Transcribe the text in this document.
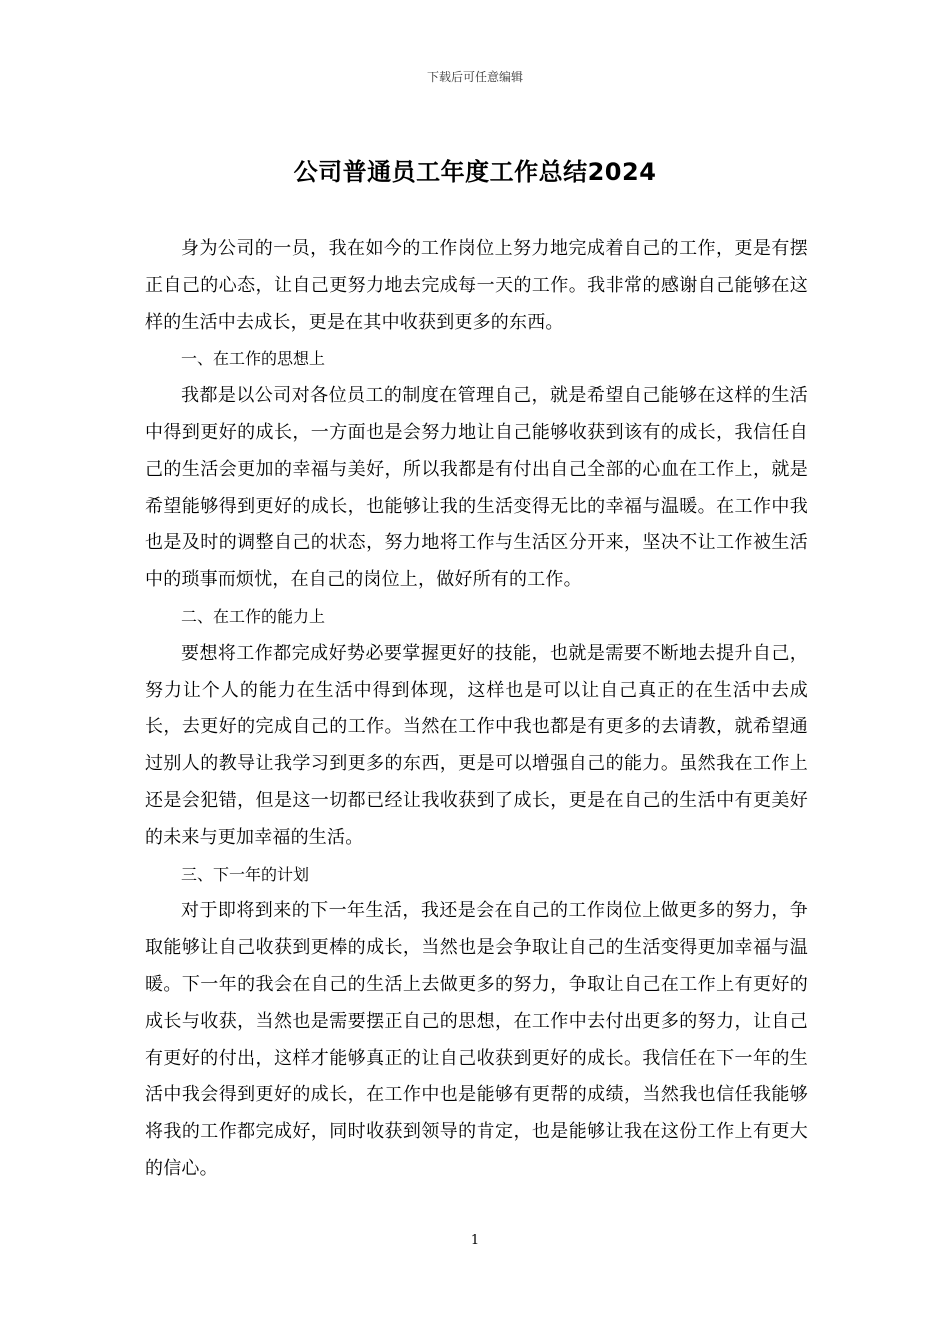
下载后可任意编辑
公司普通员工年度工作总结2024

身为公司的一员，我在如今的工作岗位上努力地完成着自己的工作，更是有摆正自己的心态，让自己更努力地去完成每一天的工作。我非常的感谢自己能够在这样的生活中去成长，更是在其中收获到更多的东西。

一、在工作的思想上

我都是以公司对各位员工的制度在管理自己，就是希望自己能够在这样的生活中得到更好的成长，一方面也是会努力地让自己能够收获到该有的成长，我信任自己的生活会更加的幸福与美好，所以我都是有付出自己全部的心血在工作上，就是希望能够得到更好的成长，也能够让我的生活变得无比的幸福与温暖。在工作中我也是及时的调整自己的状态，努力地将工作与生活区分开来，坚决不让工作被生活中的琐事而烦忧，在自己的岗位上，做好所有的工作。

二、在工作的能力上

要想将工作都完成好势必要掌握更好的技能，也就是需要不断地去提升自己，努力让个人的能力在生活中得到体现，这样也是可以让自己真正的在生活中去成长，去更好的完成自己的工作。当然在工作中我也都是有更多的去请教，就希望通过别人的教导让我学习到更多的东西，更是可以增强自己的能力。虽然我在工作上还是会犯错，但是这一切都已经让我收获到了成长，更是在自己的生活中有更美好的未来与更加幸福的生活。

三、下一年的计划

对于即将到来的下一年生活，我还是会在自己的工作岗位上做更多的努力，争取能够让自己收获到更棒的成长，当然也是会争取让自己的生活变得更加幸福与温暖。下一年的我会在自己的生活上去做更多的努力，争取让自己在工作上有更好的成长与收获，当然也是需要摆正自己的思想，在工作中去付出更多的努力，让自己有更好的付出，这样才能够真正的让自己收获到更好的成长。我信任在下一年的生活中我会得到更好的成长，在工作中也是能够有更帮的成绩，当然我也信任我能够将我的工作都完成好，同时收获到领导的肯定，也是能够让我在这份工作上有更大的信心。

1
